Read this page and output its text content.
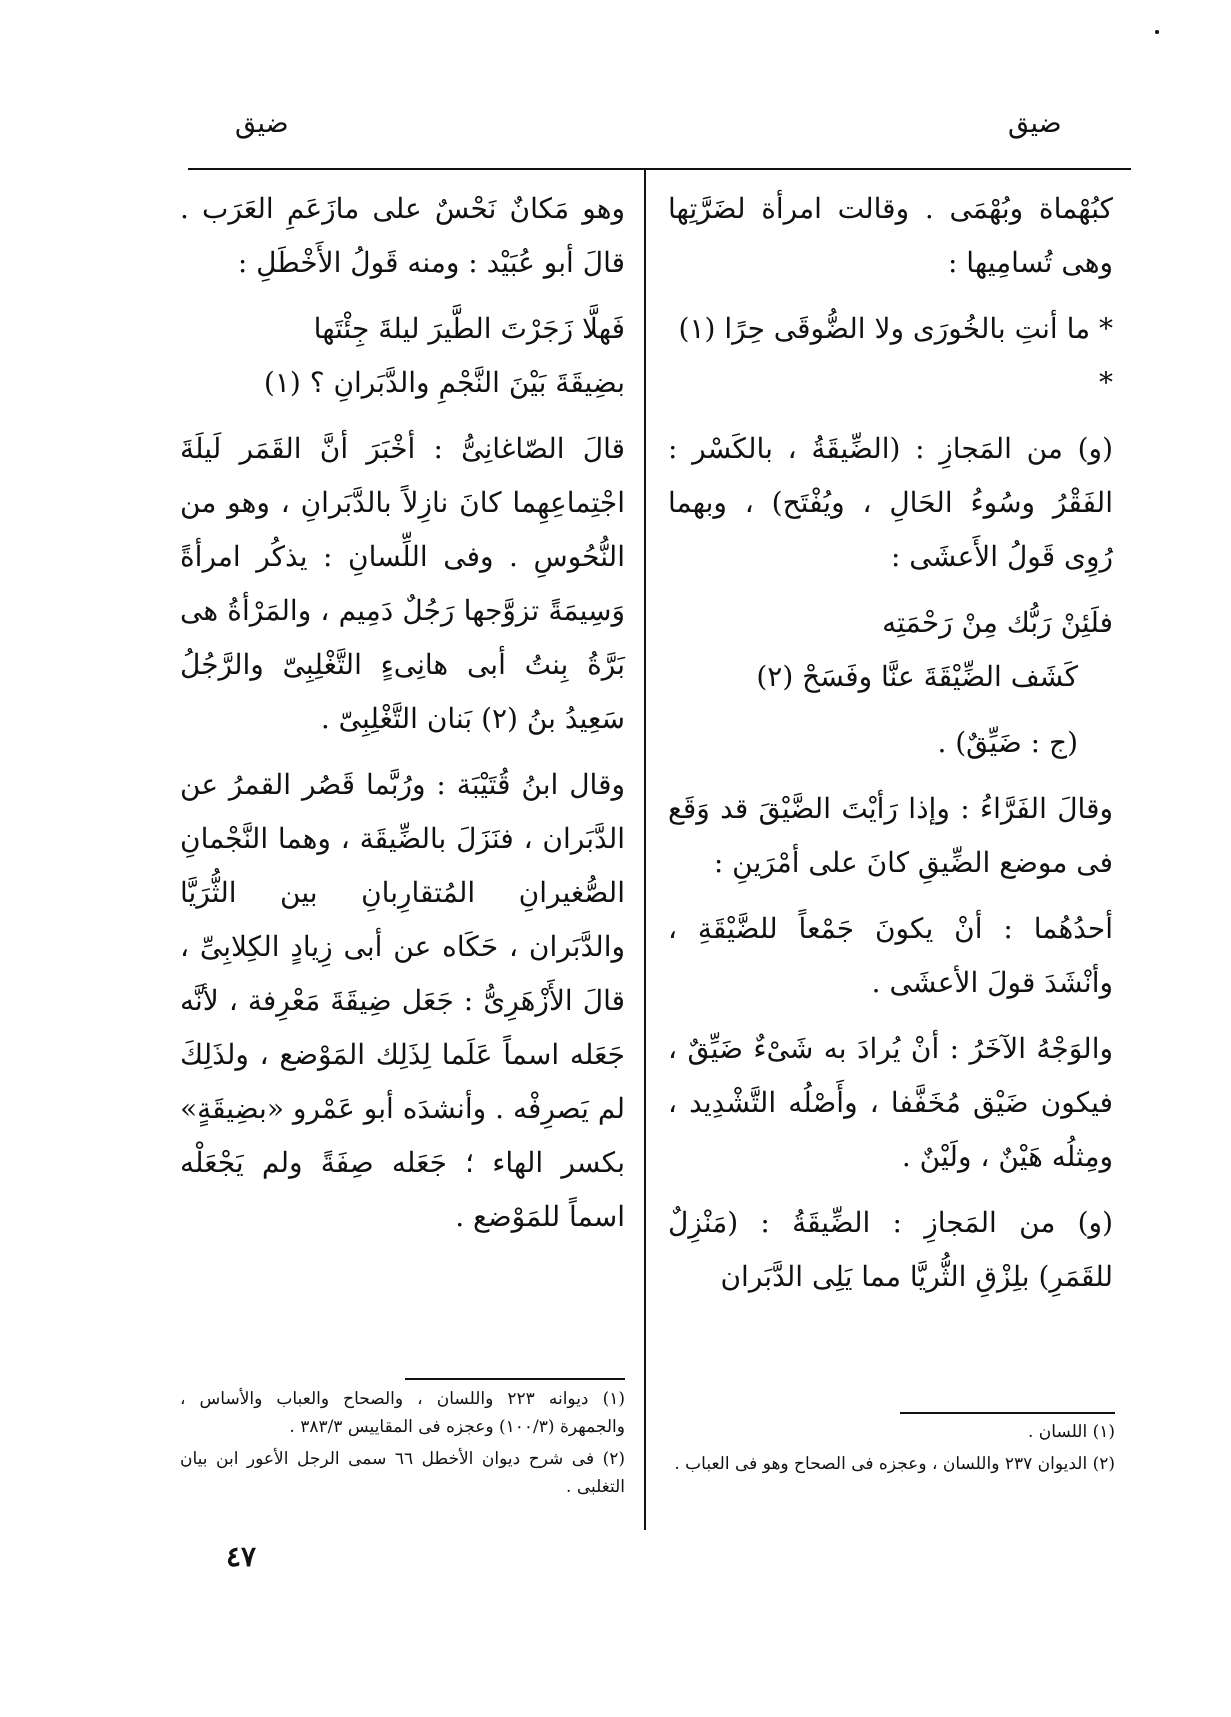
ضيق
ضيق

كبُهْماة وبُهْمَى . وقالت امرأة لضَرَّتِها وهى تُسامِيها :

* ما أنتِ بالخُورَى ولا الضُّوقَى حِرًا (١) *

(و) من المَجازِ : (الضِّيقَةُ ، بالكَسْر : الفَقْرُ وسُوءُ الحَالِ ، ويُفْتَح) ، وبهما رُوِى قَولُ الأَعشَى :

فلَئِنْ رَبُّك مِنْ رَحْمَتِه

كَشَف الضِّيْقَةَ عنَّا وفَسَحْ (٢)

(ج : ضَيِّقٌ) .

وقالَ الفَرَّاءُ : وإذا رَأيْتَ الضَّيْقَ قد وَقَع فى موضع الضِّيقِ كانَ على أمْرَينِ :

أحدُهُما : أنْ يكونَ جَمْعاً للضَّيْقَةِ ، وأنْشَدَ قولَ الأعشَى .

والوَجْهُ الآخَرُ : أنْ يُرادَ به شَىْءٌ ضَيِّقٌ ، فيكون ضَيْق مُخَفَّفا ، وأَصْلُه التَّشْدِيد ، ومِثلُه هَيْنٌ ، ولَيْنٌ .

(و) من المَجازِ : الضِّيقَةُ : (مَنْزِلٌ للقَمَرِ) بلِزْقِ الثُّريَّا مما يَلِى الدَّبَران

وهو مَكانٌ نَحْسٌ على مازَعَمِ العَرَب . قالَ أبو عُبَيْد : ومنه قَولُ الأَخْطَلِ :

فَهلَّا زَجَرْتَ الطَّيرَ ليلةَ جِئْتَها

بضِيقَةَ بَيْنَ النَّجْمِ والدَّبَرانِ ؟ (١)

قالَ الصّاغانِىُّ : أخْبَرَ أنَّ القَمَر لَيلَةَ اجْتِماعِهِما كانَ نازِلاً بالدَّبَرانِ ، وهو من النُّحُوسِ . وفى اللِّسانِ : يذكُر امرأةً وَسِيمَةً تزوَّجها رَجُلٌ دَمِيم ، والمَرْأةُ هى بَرَّةُ بِنتُ أبى هانِىءٍ التَّغْلِبِىّ والرَّجُلُ سَعِيدُ بنُ (٢) بَنان التَّغْلِبِىّ .

وقال ابنُ قُتَيْبَة : ورُبَّما قَصُر القمرُ عن الدَّبَران ، فنَزَلَ بالضِّيقَة ، وهما النَّجْمانِ الصُّغيرانِ المُتقارِبانِ بين الثُّرَيَّا والدَّبَران ، حَكَاه عن أبى زِيادٍ الكِلابِىِّ ، قالَ الأَزْهَرِىُّ : جَعَل ضِيقَةَ مَعْرِفة ، لأنَّه جَعَله اسماً عَلَما لِذَلِك المَوْضع ، ولذَلِكَ لم يَصرِفْه . وأنشدَه أبو عَمْرو «بضِيقَةٍ» بكسر الهاء ؛ جَعَله صِفَةً ولم يَجْعَلْه اسماً للمَوْضع .

(١) اللسان .

(٢) الديوان ٢٣٧ واللسان ، وعجزه فى الصحاح وهو فى العباب .

(١) ديوانه ٢٢٣ واللسان ، والصحاح والعباب والأساس ، والجمهرة (١٠٠/٣) وعجزه فى المقاييس ٣٨٣/٣ .

(٢) فى شرح ديوان الأخطل ٦٦ سمى الرجل الأعور ابن بيان التغلبى .

٤٧
